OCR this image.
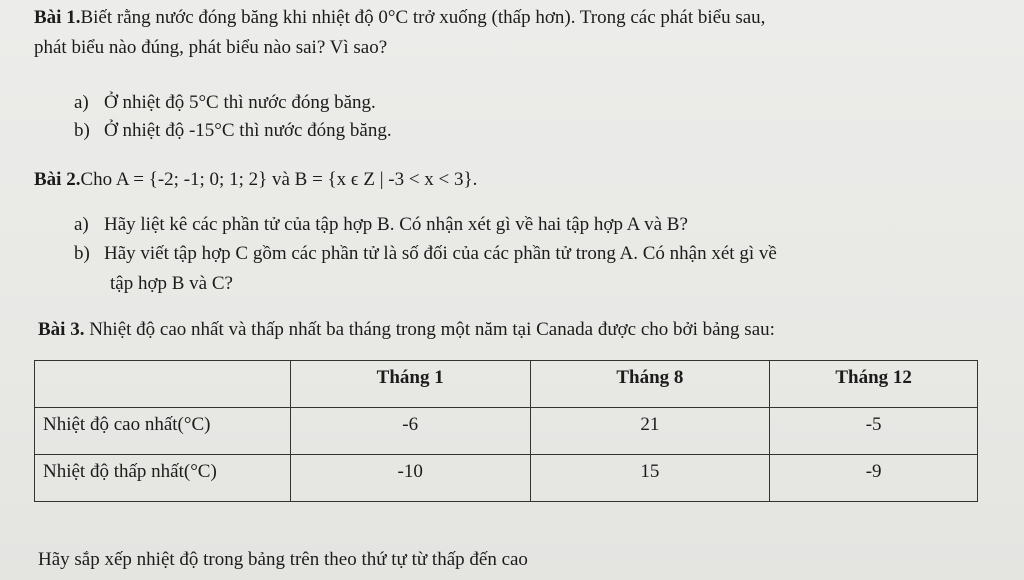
Bài 1.Biết rằng nước đóng băng khi nhiệt độ 0°C trở xuống (thấp hơn). Trong các phát biểu sau,
phát biểu nào đúng, phát biểu nào sai? Vì sao?
a) Ở nhiệt độ 5°C thì nước đóng băng.
b) Ở nhiệt độ -15°C thì nước đóng băng.
Bài 2.Cho A = {-2; -1; 0; 1; 2} và B = {x ϵ Z | -3 < x < 3}.
a) Hãy liệt kê các phần tử của tập hợp B. Có nhận xét gì về hai tập hợp A và B?
b) Hãy viết tập hợp C gồm các phần tử là số đối của các phần tử trong A. Có nhận xét gì về
tập hợp B và C?
Bài 3. Nhiệt độ cao nhất và thấp nhất ba tháng trong một năm tại Canada được cho bởi bảng sau:
	Tháng 1	Tháng 8	Tháng 12
Nhiệt độ cao nhất(°C)	-6	21	-5
Nhiệt độ thấp nhất(°C)	-10	15	-9
Hãy sắp xếp nhiệt độ trong bảng trên theo thứ tự từ thấp đến cao
